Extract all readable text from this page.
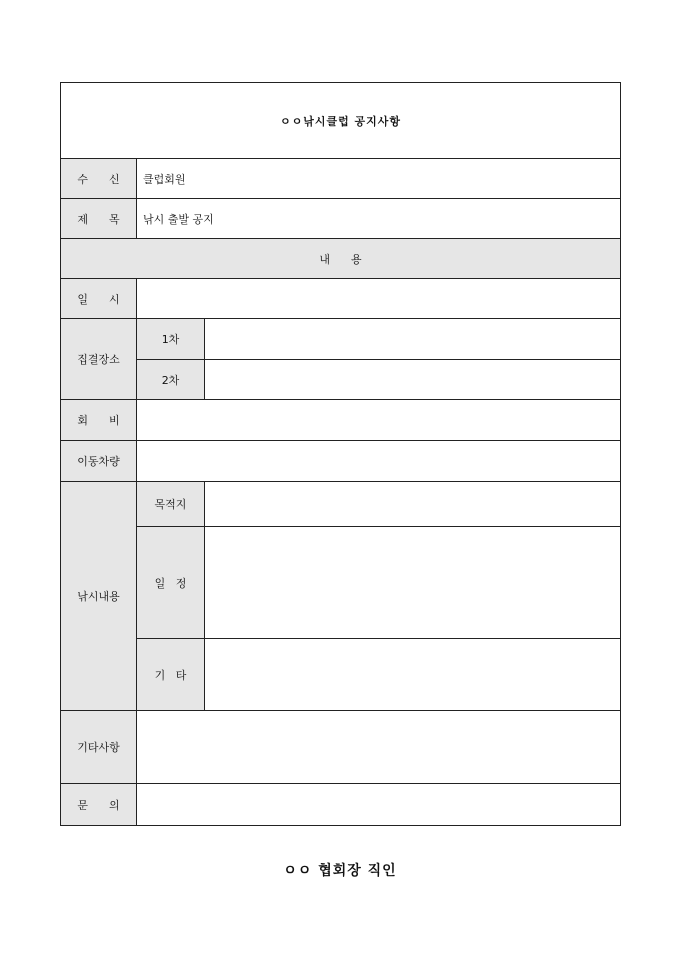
ㅇㅇ낚시클럽 공지사항		
수      신	클럽회원	
제      목	낚시 출발 공지	
내      용		
일      시		
집결장소	1차	
	2차	
회      비		
이동차량		
낚시내용	목적지	
	일   정	
	기   타	
기타사항		
문      의		
ㅇㅇ 협회장 직인
